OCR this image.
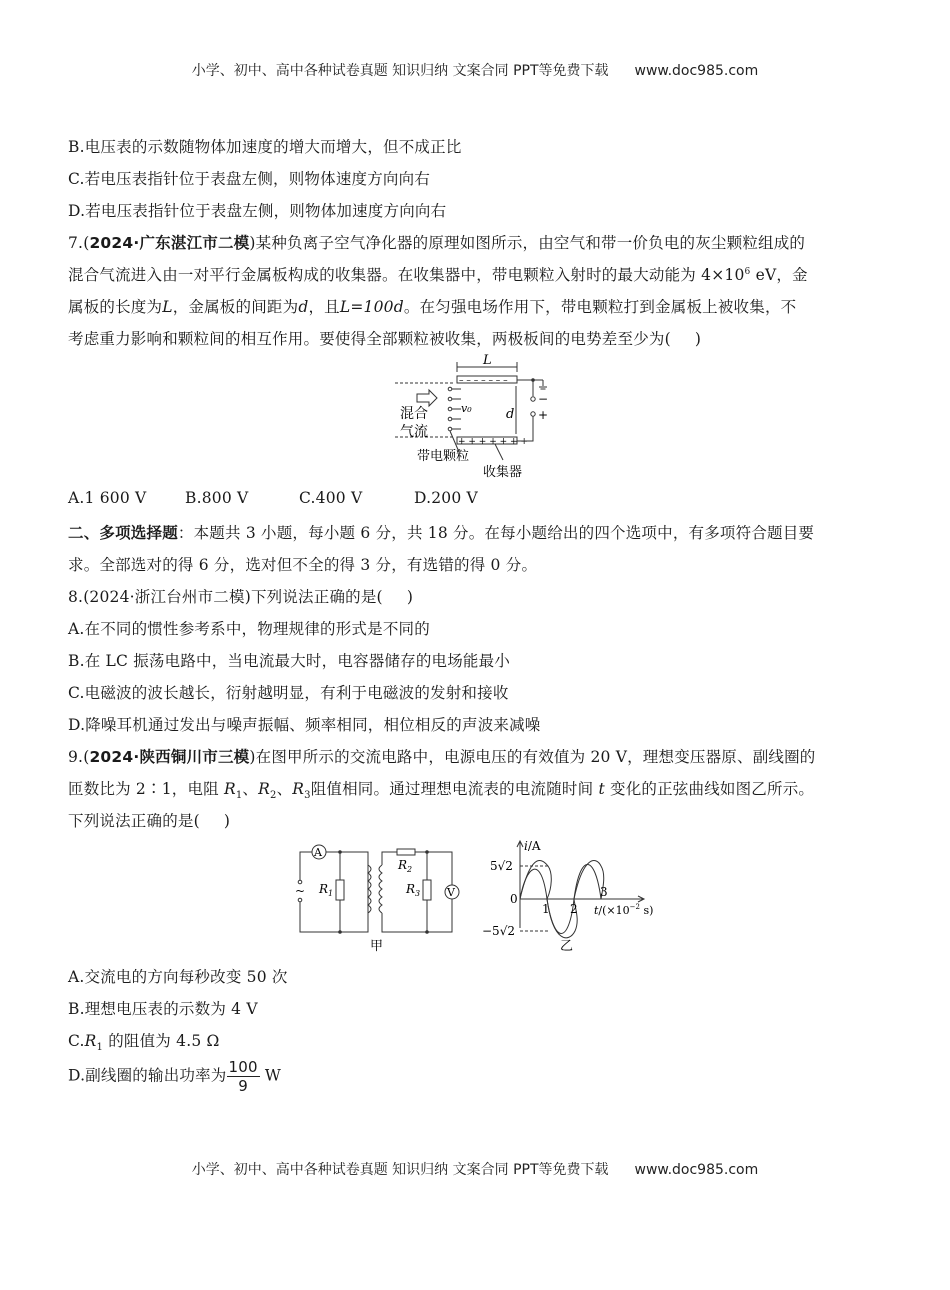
小学、初中、高中各种试卷真题 知识归纳 文案合同 PPT等免费下载 www.doc985.com
B.电压表的示数随物体加速度的增大而增大，但不成正比
C.若电压表指针位于表盘左侧，则物体速度方向向右
D.若电压表指针位于表盘左侧，则物体加速度方向向右
7.(2024·广东湛江市二模)某种负离子空气净化器的原理如图所示，由空气和带一价负电的灰尘颗粒组成的
混合气流进入由一对平行金属板构成的收集器。在收集器中，带电颗粒入射时的最大动能为 $4\times 10^6$ eV，金
属板的长度为L，金属板的间距为d，且L=100d。在匀强电场作用下，带电颗粒打到金属板上被收集，不
考虑重力影响和颗粒间的相互作用。要使得全部颗粒被收集，两极板间的电势差至少为( )
L
– – – – – – –
+ + + + + + +
d
−
+
v₀
混合
气流
带电颗粒
收集器
A.1 600 V B.800 V	C.400 V	D.200 V
二、多项选择题：本题共 3 小题，每小题 6 分，共 18 分。在每小题给出的四个选项中，有多项符合题目要
求。全部选对的得 6 分，选对但不全的得 3 分，有选错的得 0 分。
8.(2024·浙江台州市二模)下列说法正确的是( )
A.在不同的惯性参考系中，物理规律的形式是不同的
B.在 LC 振荡电路中，当电流最大时，电容器储存的电场能最小
C.电磁波的波长越长，衍射越明显，有利于电磁波的发射和接收
D.降噪耳机通过发出与噪声振幅、频率相同，相位相反的声波来减噪
9.(2024·陕西铜川市三模)在图甲所示的交流电路中，电源电压的有效值为 20 V，理想变压器原、副线圈的
匝数比为 2∶1，电阻 $R_1$、$R_2$、$R_3$阻值相同。通过理想电流表的电流随时间 t 变化的正弦曲线如图乙所示。
下列说法正确的是( )
A
V
~ $R_1$
$R_2$
$R_3$
甲
i/A
5√2
0
−5√2
1 2
3
$t/(\times 10^{-2}$ s)
乙
A.交流电的方向每秒改变 50 次
B.理想电压表的示数为 4 V
$C.R_1$ 的阻值为 4.5 Ω
D.副线圈的输出功率为 $\frac{100}{9}$ W
小学、初中、高中各种试卷真题 知识归纳 文案合同 PPT等免费下载 www.doc985.com
